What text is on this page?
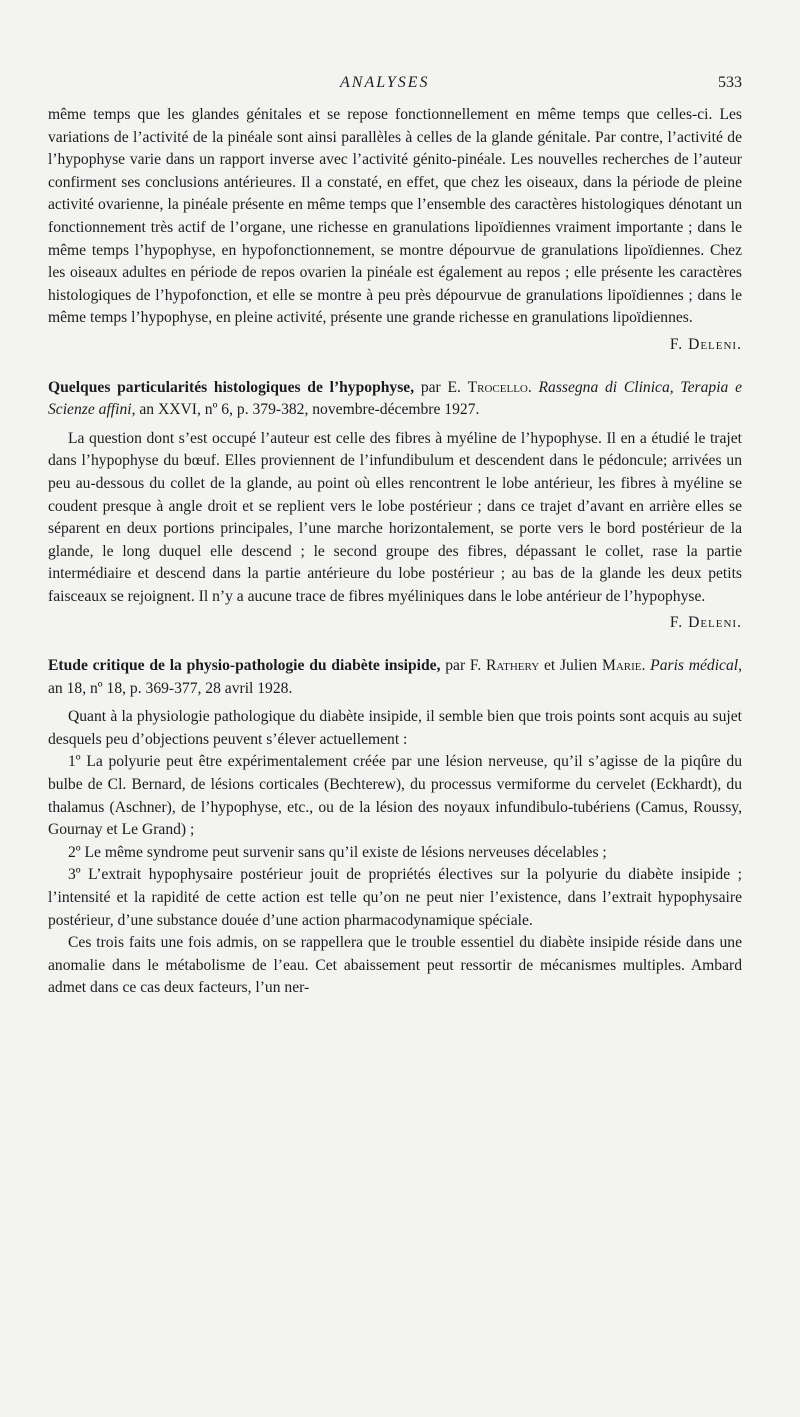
ANALYSES	533

même temps que les glandes génitales et se repose fonctionnellement en même temps que celles-ci. Les variations de l’activité de la pinéale sont ainsi parallèles à celles de la glande génitale. Par contre, l’activité de l’hypophyse varie dans un rapport inverse avec l’activité génito-pinéale. Les nouvelles recherches de l’auteur confirment ses conclusions antérieures. Il a constaté, en effet, que chez les oiseaux, dans la période de pleine activité ovarienne, la pinéale présente en même temps que l’ensemble des caractères histologiques dénotant un fonctionnement très actif de l’organe, une richesse en granulations lipoïdiennes vraiment importante ; dans le même temps l’hypophyse, en hypofonctionnement, se montre dépourvue de granulations lipoïdiennes. Chez les oiseaux adultes en période de repos ovarien la pinéale est également au repos ; elle présente les caractères histologiques de l’hypofonction, et elle se montre à peu près dépourvue de granulations lipoïdiennes ; dans le même temps l’hypophyse, en pleine activité, présente une grande richesse en granulations lipoïdiennes.

F. Deleni.

Quelques particularités histologiques de l’hypophyse, par E. Trocello. Rassegna di Clinica, Terapia e Scienze affini, an XXVI, nº 6, p. 379-382, novembre-décembre 1927.

La question dont s’est occupé l’auteur est celle des fibres à myéline de l’hypophyse. Il en a étudié le trajet dans l’hypophyse du bœuf. Elles proviennent de l’infundibulum et descendent dans le pédoncule; arrivées un peu au-dessous du collet de la glande, au point où elles rencontrent le lobe antérieur, les fibres à myéline se coudent presque à angle droit et se replient vers le lobe postérieur ; dans ce trajet d’avant en arrière elles se séparent en deux portions principales, l’une marche horizontalement, se porte vers le bord postérieur de la glande, le long duquel elle descend ; le second groupe des fibres, dépassant le collet, rase la partie intermédiaire et descend dans la partie antérieure du lobe postérieur ; au bas de la glande les deux petits faisceaux se rejoignent. Il n’y a aucune trace de fibres myéliniques dans le lobe antérieur de l’hypophyse.

F. Deleni.

Etude critique de la physio-pathologie du diabète insipide, par F. Rathery et Julien Marie. Paris médical, an 18, nº 18, p. 369-377, 28 avril 1928.

Quant à la physiologie pathologique du diabète insipide, il semble bien que trois points sont acquis au sujet desquels peu d’objections peuvent s’élever actuellement :

1º La polyurie peut être expérimentalement créée par une lésion nerveuse, qu’il s’agisse de la piqûre du bulbe de Cl. Bernard, de lésions corticales (Bechterew), du processus vermiforme du cervelet (Eckhardt), du thalamus (Aschner), de l’hypophyse, etc., ou de la lésion des noyaux infundibulo-tubériens (Camus, Roussy, Gournay et Le Grand) ;

2º Le même syndrome peut survenir sans qu’il existe de lésions nerveuses décelables ;

3º L’extrait hypophysaire postérieur jouit de propriétés électives sur la polyurie du diabète insipide ; l’intensité et la rapidité de cette action est telle qu’on ne peut nier l’existence, dans l’extrait hypophysaire postérieur, d’une substance douée d’une action pharmacodynamique spéciale.

Ces trois faits une fois admis, on se rappellera que le trouble essentiel du diabète insipide réside dans une anomalie dans le métabolisme de l’eau. Cet abaissement peut ressortir de mécanismes multiples. Ambard admet dans ce cas deux facteurs, l’un ner-
